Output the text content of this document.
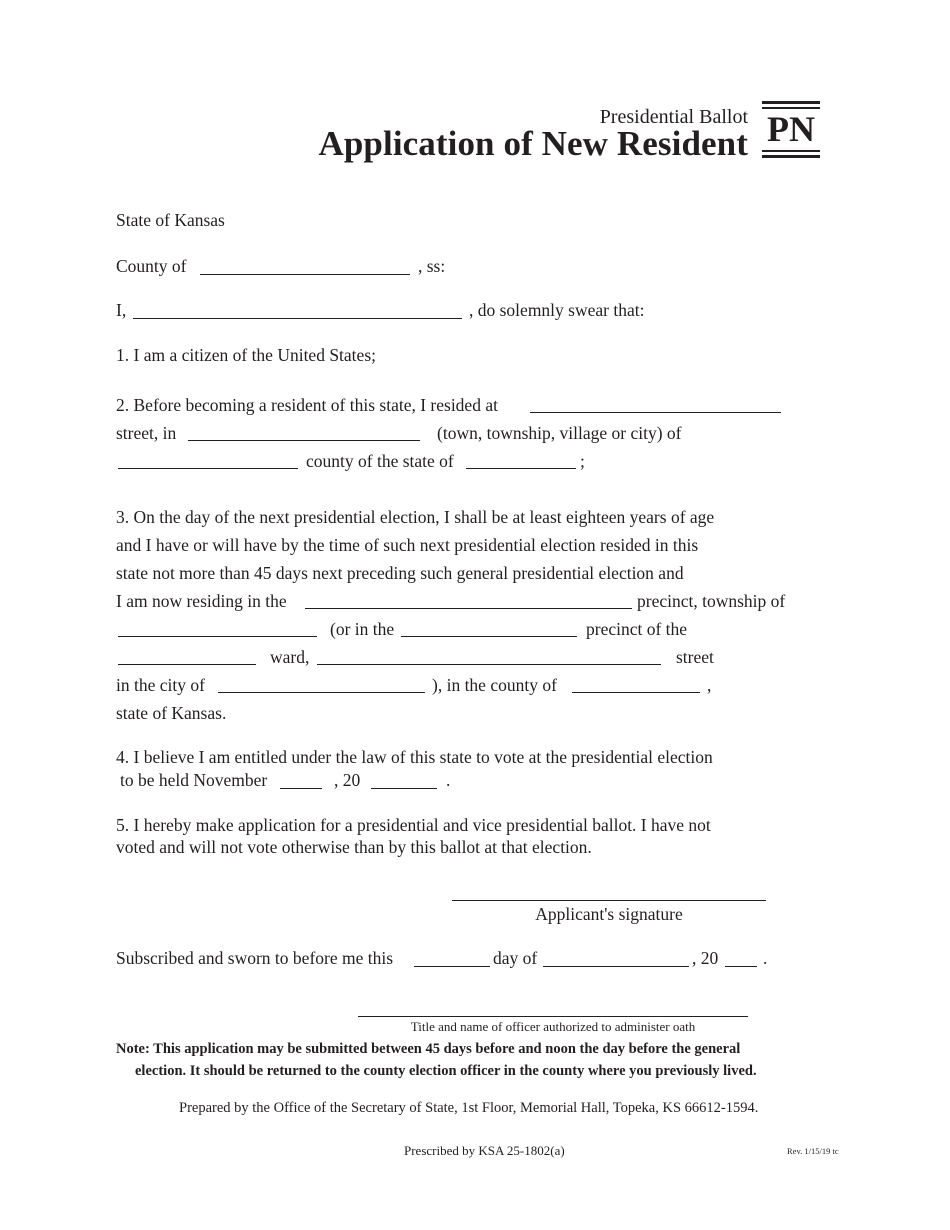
Presidential Ballot
Application of New Resident PN
State of Kansas
County of	, ss:
I,	, do solemnly swear that:
1. I am a citizen of the United States;
2. Before becoming a resident of this state, I resided at
street, in	(town, township, village or city) of
county of the state of	;
3. On the day of the next presidential election, I shall be at least eighteen years of age
and I have or will have by the time of such next presidential election resided in this
state not more than 45 days next preceding such general presidential election and
I am now residing in the	precinct, township of
(or in the	precinct of the
ward,	street
in the city of	), in the county of	,
state of Kansas.
4. I believe I am entitled under the law of this state to vote at the presidential election
to be held November	, 20	.
5. I hereby make application for a presidential and vice presidential ballot. I have not
voted and will not vote otherwise than by this ballot at that election.
Applicant's signature
Subscribed and sworn to before me this	day of	, 20	.
Title and name of officer authorized to administer oath
Note: This application may be submitted between 45 days before and noon the day before the general
election. It should be returned to the county election officer in the county where you previously lived.
Prepared by the Office of the Secretary of State, 1st Floor, Memorial Hall, Topeka, KS 66612-1594.
Prescribed by KSA 25-1802(a)	Rev. 1/15/19 tc
